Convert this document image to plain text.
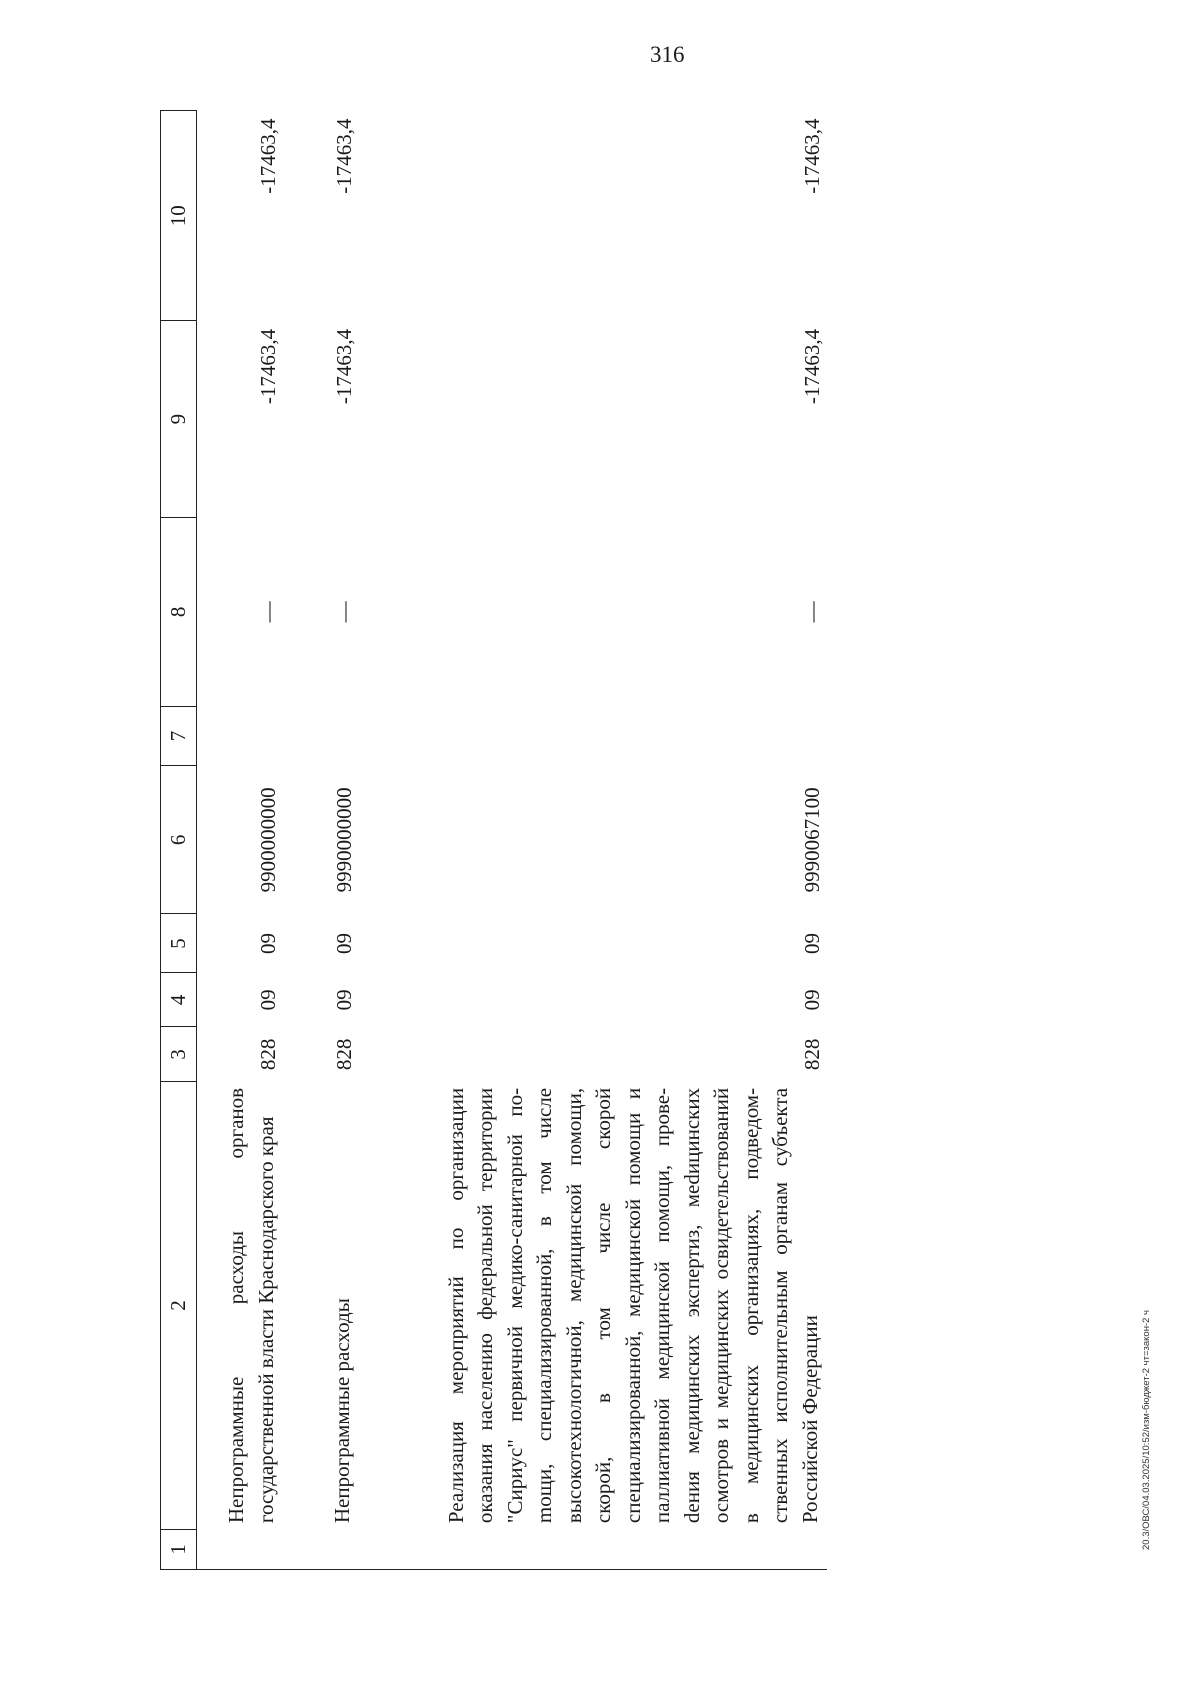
316
20.3/ОВС/04.03.2025/10:52/изм-бюджет-2 чт=закон-2 ч
1	2	3	4	5	6	7	8	9	10
	Непрограммные расходы органов государственной власти Краснодарского края	828	09	09	9900000000		—	-17463,4	-17463,4
	Непрограммные расходы	828	09	09	9990000000		—	-17463,4	-17463,4
	Реализация мероприятий по организации оказания населению федеральной территории "Сириус" первичной медико-санитарной поmощи, специализированной, в том числе высокотехнологичной, медицинской помощи, скорой, в том числе скорой специализированной, медицинской помощи и паллиативной медицинской помощи, провеdения медицинских экспертиз, меdицинских осмотров и медицинских освидетельствований в медицинских организациях, подведомственных исполнительным органам субъекта Российской Федерации	828	09	09	9990067100		—	-17463,4	-17463,4
